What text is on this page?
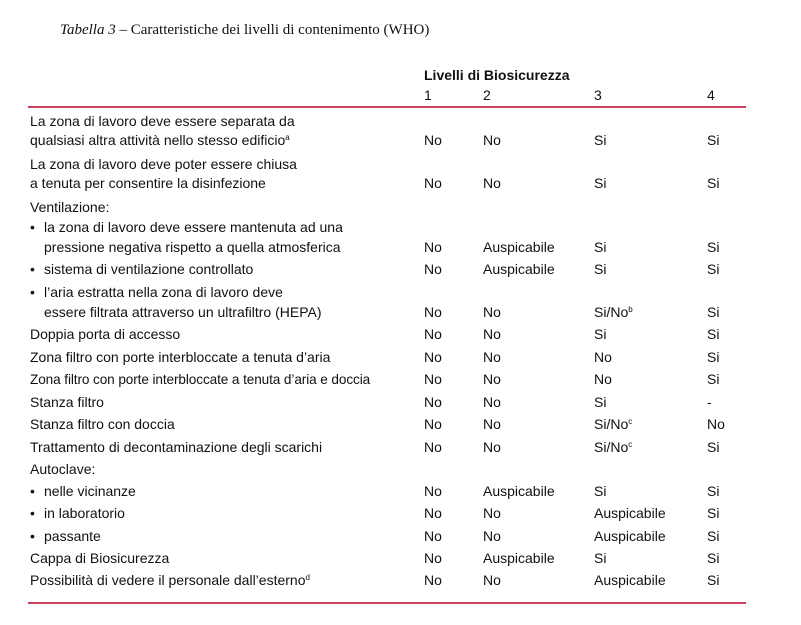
Tabella 3 – Caratteristiche dei livelli di contenimento (WHO)
Livelli di Biosicurezza
1	2	3	4
La zona di lavoro deve essere separata da
qualsiasi altra attività nello stesso edificio$^a$	No	No	Si	Si
La zona di lavoro deve poter essere chiusa
a tenuta per consentire la disinfezione	No	No	Si	Si
Ventilazione:
• la zona di lavoro deve essere mantenuta ad una
pressione negativa rispetto a quella atmosferica	No	Auspicabile	Si	Si
• sistema di ventilazione controllato	No	Auspicabile	Si	Si
• l’aria estratta nella zona di lavoro deve
essere filtrata attraverso un ultrafiltro (HEPA)	No	No	Si/No$^b$	Si
Doppia porta di accesso	No	No	Si	Si
Zona filtro con porte interbloccate a tenuta d’aria	No	No	No	Si
Zona filtro con porte interbloccate a tenuta d’aria e doccia	No	No	No	Si
Stanza filtro	No	No	Si	-
Stanza filtro con doccia	No	No	Si/No$^c$	No
Trattamento di decontaminazione degli scarichi	No	No	Si/No$^c$	Si
Autoclave:
• nelle vicinanze	No	Auspicabile	Si	Si
• in laboratorio	No	No	Auspicabile	Si
• passante	No	No	Auspicabile	Si
Cappa di Biosicurezza	No	Auspicabile	Si	Si
Possibilità di vedere il personale dall’esterno$^d$	No	No	Auspicabile	Si
